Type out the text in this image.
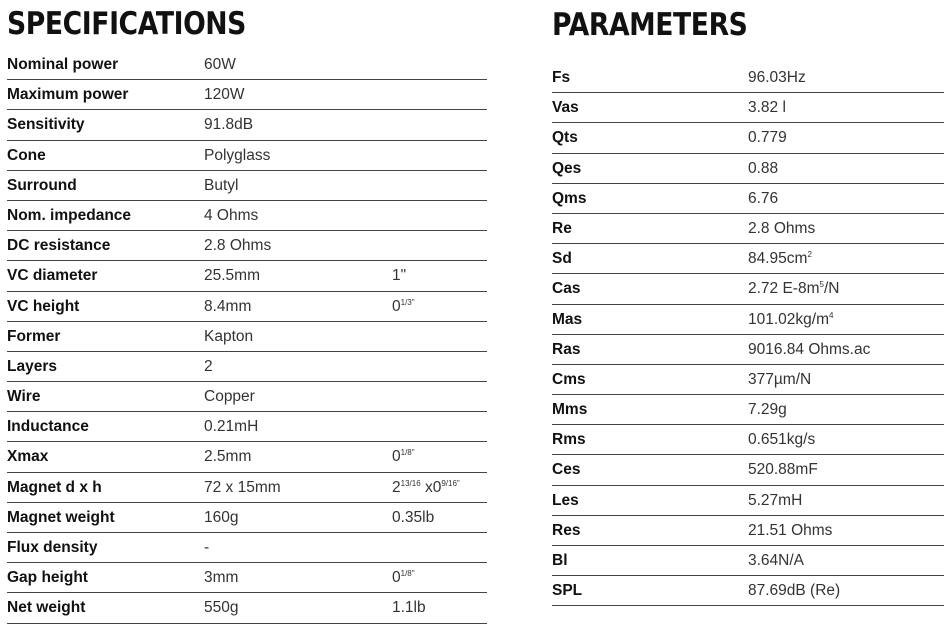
SPECIFICATIONS
Nominal power	60W
Maximum power	120W
Sensitivity	91.8dB
Cone	Polyglass
Surround	Butyl
Nom. impedance	4 Ohms
DC resistance	2.8 Ohms
VC diameter	25.5mm	1"
VC height	8.4mm	$0^{1/3"}$
Former	Kapton
Layers	2
Wire	Copper
Inductance	0.21mH
Xmax	2.5mm	$0^{1/8"}$
Magnet d x h	72 x 15mm	$2^{13/16}$ $x0^{9/16"}$
Magnet weight	160g	0.35lb
Flux density	-
Gap height	3mm	$0^{1/8"}$
Net weight	550g	1.1lb
PARAMETERS
Fs	96.03Hz
Vas	3.82 l
Qts	0.779
Qes	0.88
Qms	6.76
Re	2.8 Ohms
Sd	$84.95cm^2$
Cas	2.72 $E-8m^5/N$
Mas	$101.02kg/m^4$
Ras	9016.84 Ohms.ac
Cms	377µm/N
Mms	7.29g
Rms	0.651kg/s
Ces	520.88mF
Les	5.27mH
Res	21.51 Ohms
Bl	3.64N/A
SPL	87.69dB (Re)
